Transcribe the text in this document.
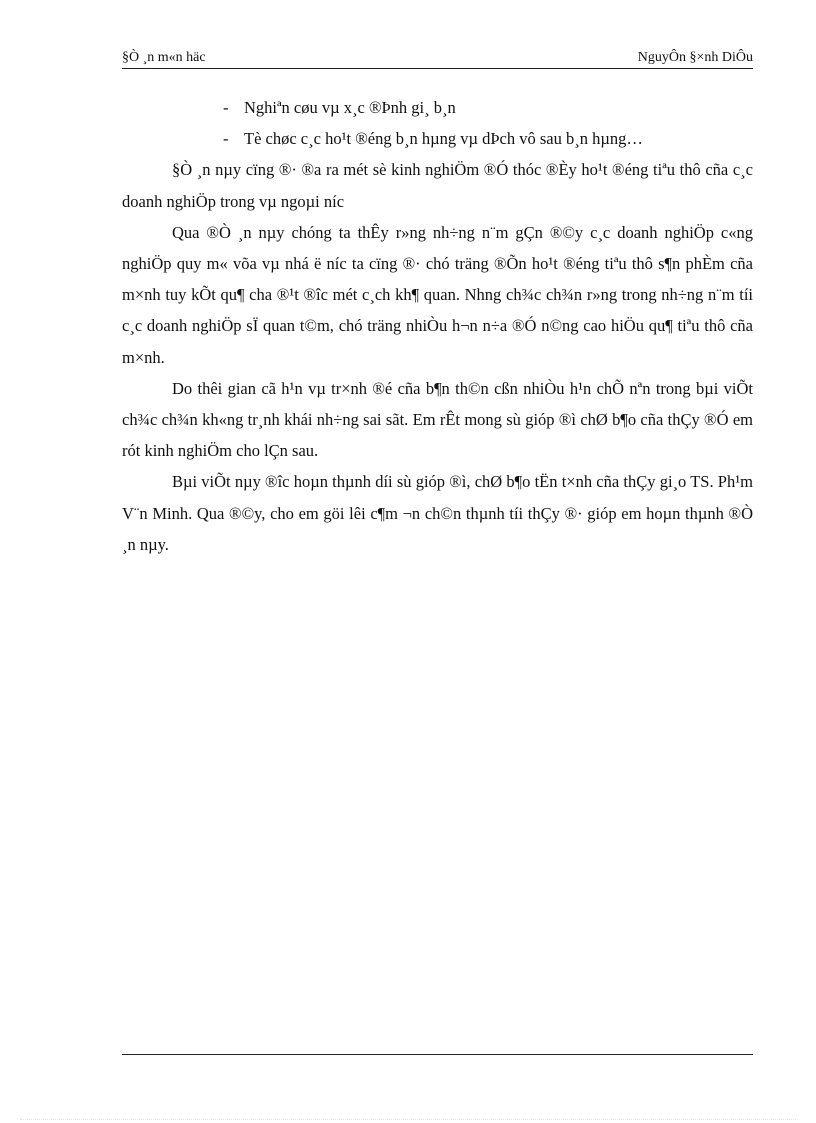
§Ò ¸n m«n häc	NguyÔn §×nh DiÔu
- Nghiªn cøu vµ x¸c ®Þnh gi¸ b¸n
- Tè chøc c¸c ho¹t ®éng b¸n hµng vµ dÞch vô sau b¸n hµng…

§Ò ¸n nµy cïng ®· ®a ra mét sè kinh nghiÖm ®Ó thóc ®Èy ho¹t ®éng tiªu thô cña c¸c doanh nghiÖp trong vµ ngoµi níc

Qua ®Ò ¸n nµy chóng ta thÊy r»ng nh÷ng n¨m gÇn ®©y c¸c doanh nghiÖp c«ng nghiÖp quy m« võa vµ nhá ë níc ta cïng ®· chó träng ®Õn ho¹t ®éng tiªu thô s¶n phÈm cña m×nh tuy kÕt qu¶ cha ®¹t ®îc mét c¸ch kh¶ quan. Nhng ch¾c ch¾n r»ng trong nh÷ng n¨m tíi c¸c doanh nghiÖp sÏ quan t©m, chó träng nhiÒu h¬n n÷a ®Ó n©ng cao hiÖu qu¶ tiªu thô cña m×nh.

Do thêi gian cã h¹n vµ tr×nh ®é cña b¶n th©n cßn nhiÒu h¹n chÕ nªn trong bµi viÕt ch¾c ch¾n kh«ng tr¸nh khái nh÷ng sai sãt. Em rÊt mong sù gióp ®ì chØ b¶o cña thÇy ®Ó em rót kinh nghiÖm cho lÇn sau.

Bµi viÕt nµy ®îc hoµn thµnh díi sù gióp ®ì, chØ b¶o tËn t×nh cña thÇy gi¸o TS. Ph¹m V¨n Minh. Qua ®©y, cho em göi lêi c¶m ¬n ch©n thµnh tíi thÇy ®· gióp em hoµn thµnh ®Ò ¸n nµy.
